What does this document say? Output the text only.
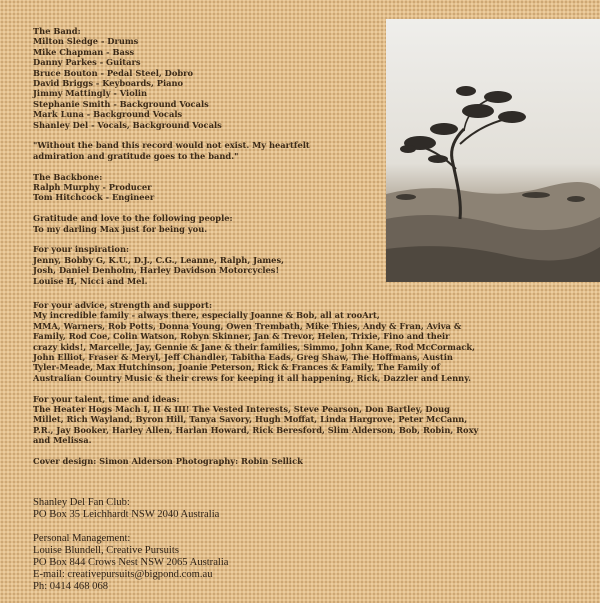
The Band:
Milton Sledge - Drums
Mike Chapman - Bass
Danny Parkes - Guitars
Bruce Bouton - Pedal Steel, Dobro
David Briggs - Keyboards, Piano
Jimmy Mattingly - Violin
Stephanie Smith - Background Vocals
Mark Luna - Background Vocals
Shanley Del - Vocals, Background Vocals
"Without the band this record would not exist. My heartfelt
admiration and gratitude goes to the band."
The Backbone:
Ralph Murphy - Producer
Tom Hitchcock - Engineer
Gratitude and love to the following people:
To my darling Max just for being you.
For your inspiration:
Jenny, Bobby G, K.U., D.J., C.G., Leanne, Ralph, James,
Josh, Daniel Denholm, Harley Davidson Motorcycles!
Louise H, Nicci and Mel.
For your advice, strength and support:
My incredible family - always there, especially Joanne & Bob, all at rooArt,
MMA, Warners, Rob Potts, Donna Young, Owen Trembath, Mike Thies, Andy & Fran, Aviva &
Family, Rod Coe, Colin Watson, Robyn Skinner, Jan & Trevor, Helen, Trixie, Fino and their
crazy kids!, Marcelle, Jay, Gennie & Jane & their families, Simmo, John Kane, Rod McCormack,
John Elliot, Fraser & Meryl, Jeff Chandler, Tabitha Eads, Greg Shaw, The Hoffmans, Austin
Tyler-Meade, Max Hutchinson, Joanie Peterson, Rick & Frances & Family, The Family of
Australian Country Music & their crews for keeping it all happening, Rick, Dazzler and Lenny.
For your talent, time and ideas:
The Heater Hogs Mach I, II & III! The Vested Interests, Steve Pearson, Don Bartley, Doug
Millet, Rich Wayland, Byron Hill, Tanya Savory, Hugh Moffat, Linda Hargrove, Peter McCann,
P.R., Jay Booker, Harley Allen, Harlan Howard, Rick Beresford, Slim Alderson, Bob, Robin, Roxy
and Melissa.
Cover design: Simon Alderson Photography: Robin Sellick
Shanley Del Fan Club:
PO Box 35 Leichhardt NSW 2040 Australia
Personal Management:
Louise Blundell, Creative Pursuits
PO Box 844 Crows Nest NSW 2065 Australia
E-mail: creativepursuits@bigpond.com.au
Ph: 0414 468 068
